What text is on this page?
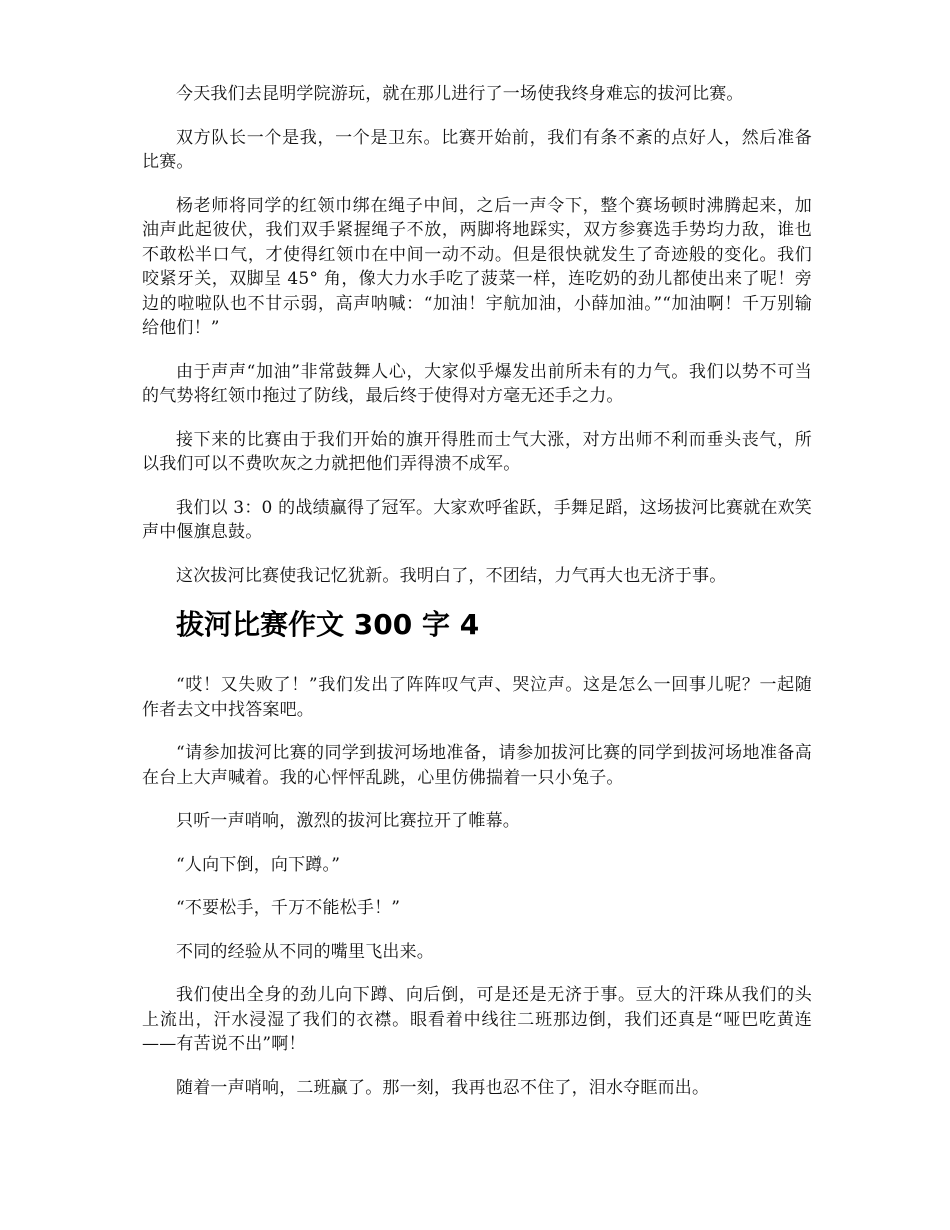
今天我们去昆明学院游玩，就在那儿进行了一场使我终身难忘的拔河比赛。

双方队长一个是我，一个是卫东。比赛开始前，我们有条不紊的点好人，然后准备比赛。

杨老师将同学的红领巾绑在绳子中间，之后一声令下，整个赛场顿时沸腾起来，加油声此起彼伏，我们双手紧握绳子不放，两脚将地踩实，双方参赛选手势均力敌，谁也不敢松半口气，才使得红领巾在中间一动不动。但是很快就发生了奇迹般的变化。我们咬紧牙关，双脚呈 45° 角，像大力水手吃了菠菜一样，连吃奶的劲儿都使出来了呢！旁边的啦啦队也不甘示弱，高声呐喊：“加油！宇航加油，小薛加油。”“加油啊！千万别输给他们！”

由于声声“加油”非常鼓舞人心，大家似乎爆发出前所未有的力气。我们以势不可当的气势将红领巾拖过了防线，最后终于使得对方毫无还手之力。

接下来的比赛由于我们开始的旗开得胜而士气大涨，对方出师不利而垂头丧气，所以我们可以不费吹灰之力就把他们弄得溃不成军。

我们以 3：0 的战绩赢得了冠军。大家欢呼雀跃，手舞足蹈，这场拔河比赛就在欢笑声中偃旗息鼓。

这次拔河比赛使我记忆犹新。我明白了，不团结，力气再大也无济于事。

拔河比赛作文 300 字 4

“哎！又失败了！”我们发出了阵阵叹气声、哭泣声。这是怎么一回事儿呢？一起随作者去文中找答案吧。

“请参加拔河比赛的同学到拔河场地准备，请参加拔河比赛的同学到拔河场地准备高在台上大声喊着。我的心怦怦乱跳，心里仿佛揣着一只小兔子。

只听一声哨响，激烈的拔河比赛拉开了帷幕。

“人向下倒，向下蹲。”

“不要松手，千万不能松手！”

不同的经验从不同的嘴里飞出来。

我们使出全身的劲儿向下蹲、向后倒，可是还是无济于事。豆大的汗珠从我们的头上流出，汗水浸湿了我们的衣襟。眼看着中线往二班那边倒，我们还真是“哑巴吃黄连——有苦说不出”啊！

随着一声哨响，二班赢了。那一刻，我再也忍不住了，泪水夺眶而出。
